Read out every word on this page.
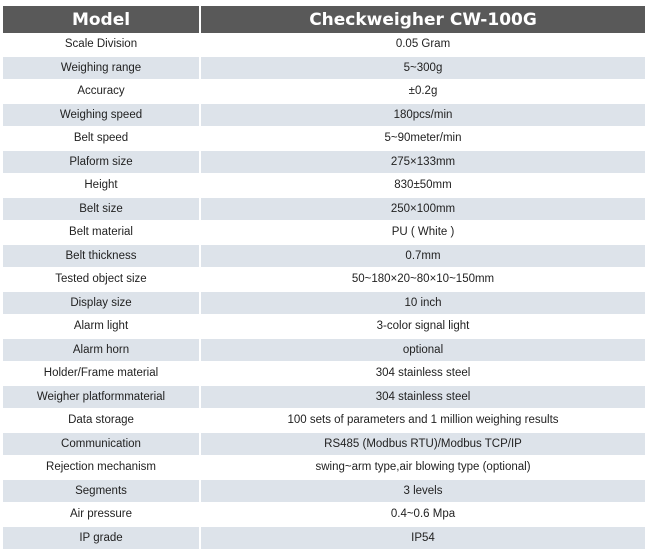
Model	Checkweigher CW-100G
Scale Division	0.05 Gram
Weighing range	5~300g
Accuracy	±0.2g
Weighing speed	180pcs/min
Belt speed	5~90meter/min
Plaform size	275×133mm
Height	830±50mm
Belt size	250×100mm
Belt material	PU ( White )
Belt thickness	0.7mm
Tested object size	50~180×20~80×10~150mm
Display size	10 inch
Alarm light	3-color signal light
Alarm horn	optional
Holder/Frame material	304 stainless steel
Weigher platformmaterial	304 stainless steel
Data storage	100 sets of parameters and 1 million weighing results
Communication	RS485 (Modbus RTU)/Modbus TCP/IP
Rejection mechanism	swing~arm type,air blowing type (optional)
Segments	3 levels
Air pressure	0.4~0.6 Mpa
IP grade	IP54
